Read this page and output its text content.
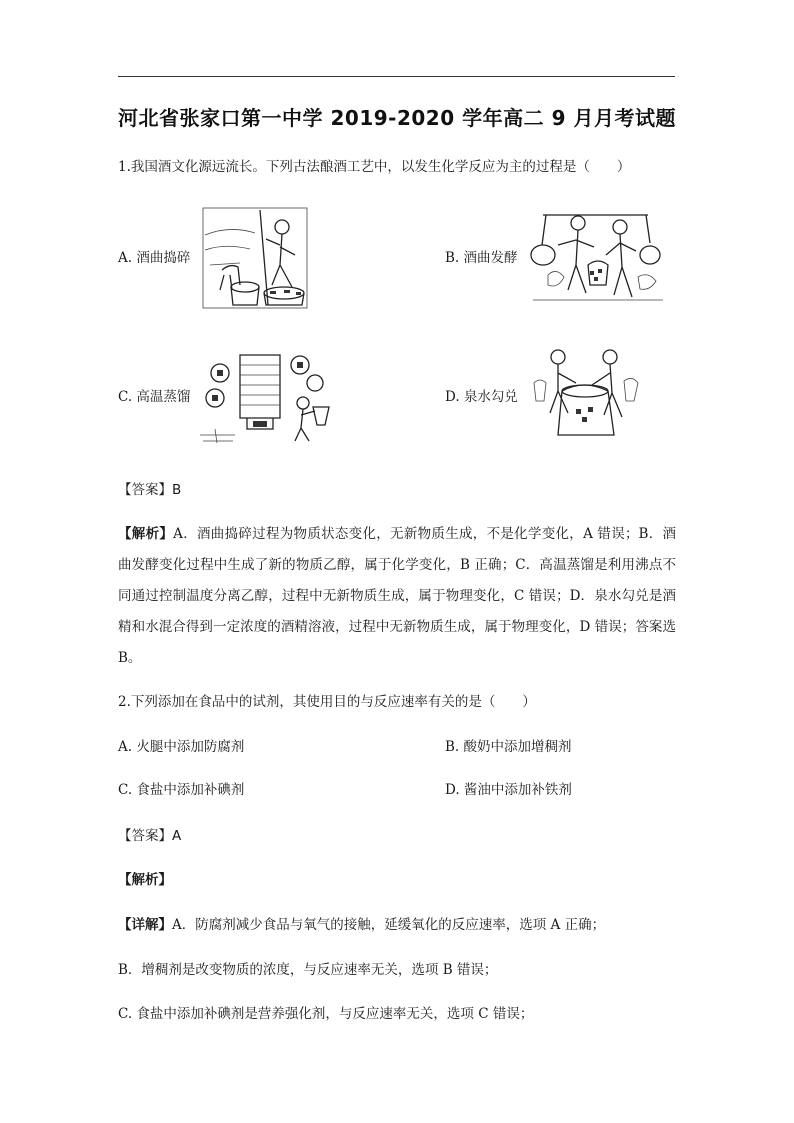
河北省张家口第一中学 2019-2020 学年高二 9 月月考试题
1.我国酒文化源远流长。下列古法酿酒工艺中，以发生化学反应为主的过程是（　　）
A. 酒曲捣碎	B. 酒曲发酵
C. 高温蒸馏	D. 泉水勾兑
【答案】B
【解析】A．酒曲捣碎过程为物质状态变化，无新物质生成，不是化学变化，A 错误；B．酒曲发酵变化过程中生成了新的物质乙醇，属于化学变化，B 正确；C．高温蒸馏是利用沸点不同通过控制温度分离乙醇，过程中无新物质生成，属于物理变化，C 错误；D．泉水勾兑是酒精和水混合得到一定浓度的酒精溶液，过程中无新物质生成，属于物理变化，D 错误；答案选 B。
2.下列添加在食品中的试剂，其使用目的与反应速率有关的是（　　）
A. 火腿中添加防腐剂	B. 酸奶中添加增稠剂
C. 食盐中添加补碘剂	D. 酱油中添加补铁剂
【答案】A
【解析】
【详解】A．防腐剂减少食品与氧气的接触，延缓氧化的反应速率，选项 A 正确；
B．增稠剂是改变物质的浓度，与反应速率无关，选项 B 错误；
C. 食盐中添加补碘剂是营养强化剂，与反应速率无关，选项 C 错误；
